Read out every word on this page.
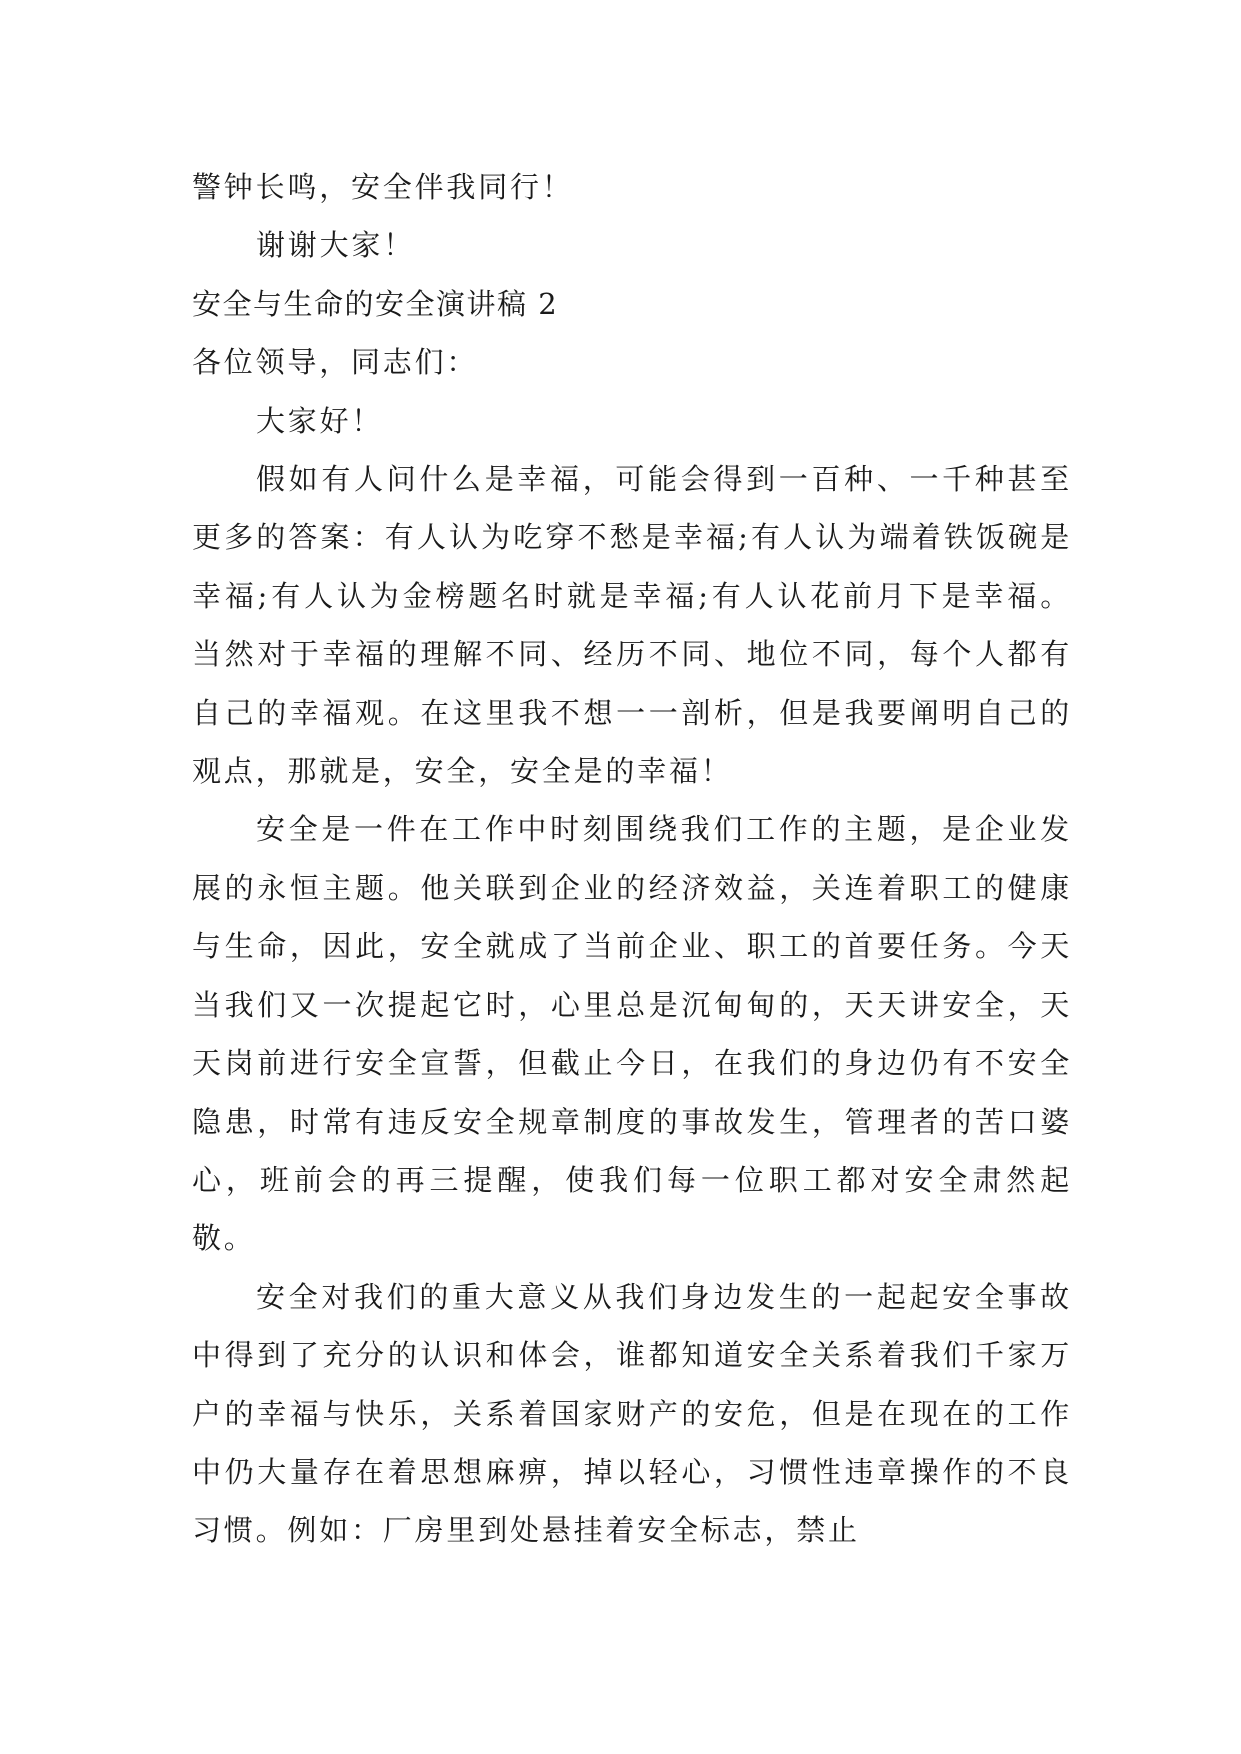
警钟长鸣，安全伴我同行！

谢谢大家！

安全与生命的安全演讲稿 2

各位领导，同志们：

大家好！

假如有人问什么是幸福，可能会得到一百种、一千种甚至更多的答案：有人认为吃穿不愁是幸福;有人认为端着铁饭碗是幸福;有人认为金榜题名时就是幸福;有人认花前月下是幸福。当然对于幸福的理解不同、经历不同、地位不同，每个人都有自己的幸福观。在这里我不想一一剖析，但是我要阐明自己的观点，那就是，安全，安全是的幸福！

安全是一件在工作中时刻围绕我们工作的主题，是企业发展的永恒主题。他关联到企业的经济效益，关连着职工的健康与生命，因此，安全就成了当前企业、职工的首要任务。今天当我们又一次提起它时，心里总是沉甸甸的，天天讲安全，天天岗前进行安全宣誓，但截止今日，在我们的身边仍有不安全隐患，时常有违反安全规章制度的事故发生，管理者的苦口婆心，班前会的再三提醒，使我们每一位职工都对安全肃然起敬。

安全对我们的重大意义从我们身边发生的一起起安全事故中得到了充分的认识和体会，谁都知道安全关系着我们千家万户的幸福与快乐，关系着国家财产的安危，但是在现在的工作中仍大量存在着思想麻痹，掉以轻心，习惯性违章操作的不良习惯。例如：厂房里到处悬挂着安全标志，禁止
